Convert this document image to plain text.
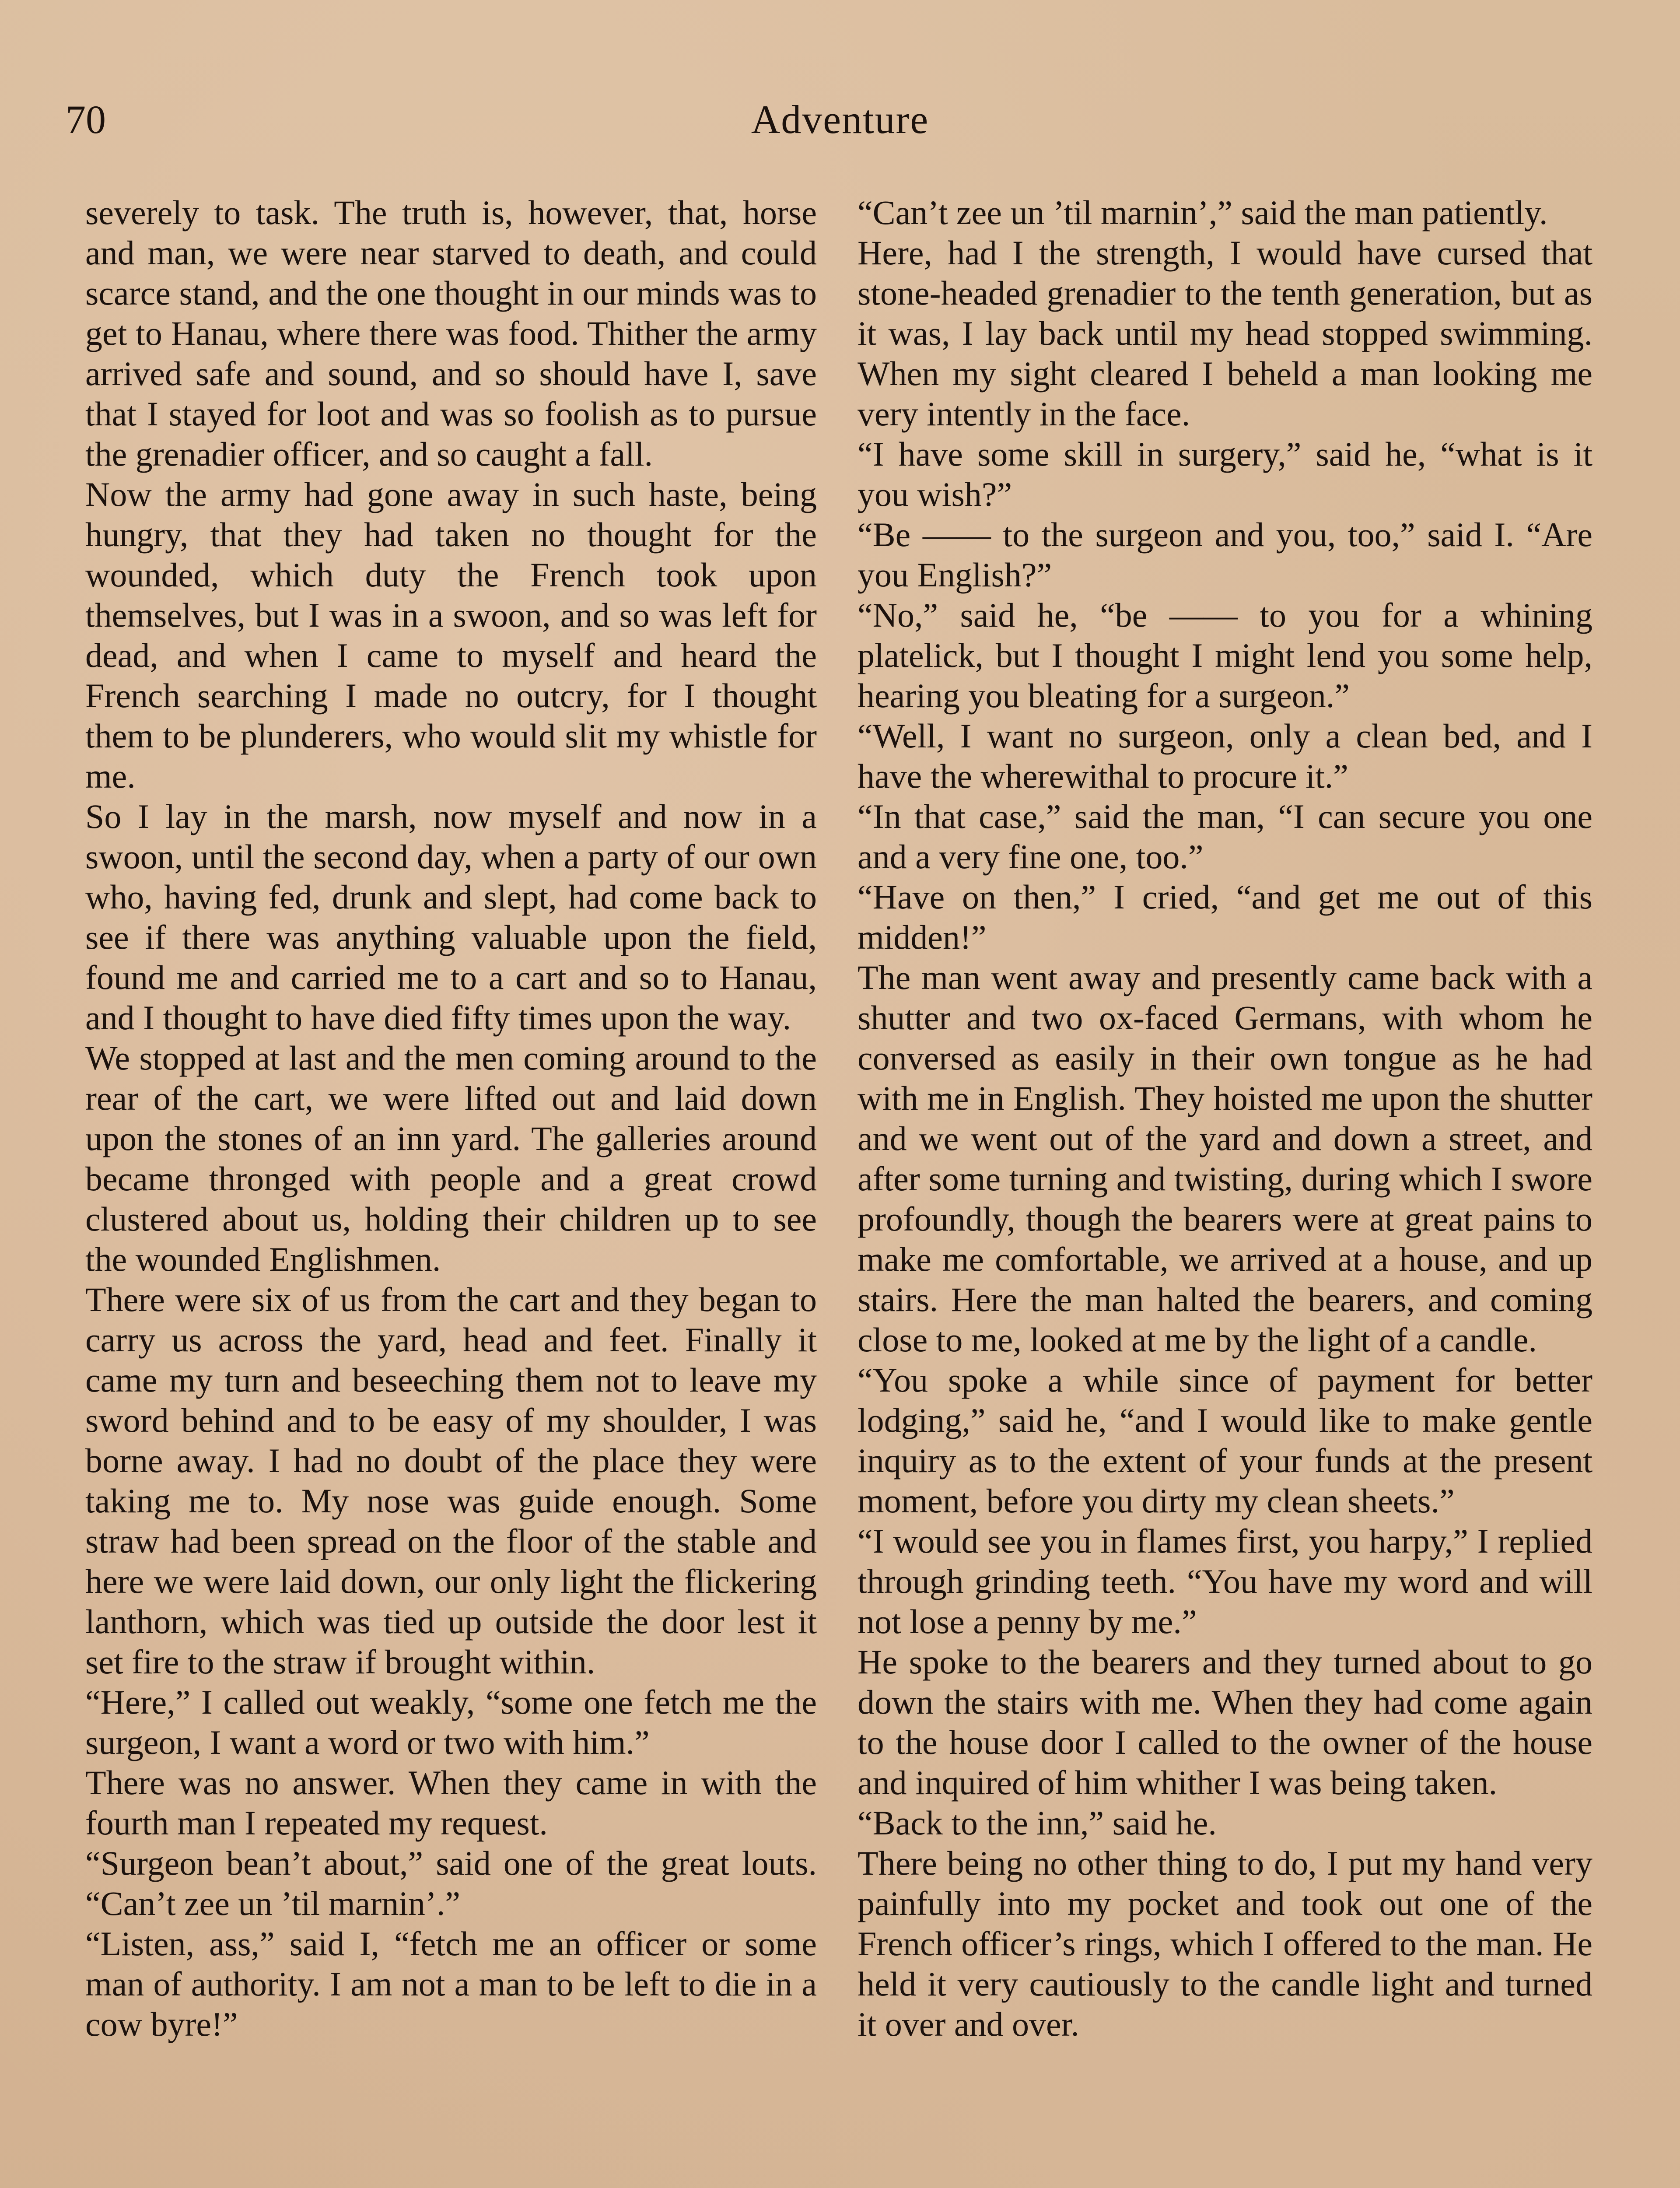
70	Adventure

severely to task. The truth is, however, that, horse and man, we were near starved to death, and could scarce stand, and the one thought in our minds was to get to Hanau, where there was food. Thither the army arrived safe and sound, and so should have I, save that I stayed for loot and was so foolish as to pursue the grenadier officer, and so caught a fall.

Now the army had gone away in such haste, being hungry, that they had taken no thought for the wounded, which duty the French took upon themselves, but I was in a swoon, and so was left for dead, and when I came to myself and heard the French searching I made no outcry, for I thought them to be plunderers, who would slit my whistle for me.

So I lay in the marsh, now myself and now in a swoon, until the second day, when a party of our own who, having fed, drunk and slept, had come back to see if there was anything valuable upon the field, found me and carried me to a cart and so to Hanau, and I thought to have died fifty times upon the way.

We stopped at last and the men coming around to the rear of the cart, we were lifted out and laid down upon the stones of an inn yard. The galleries around became thronged with people and a great crowd clustered about us, holding their children up to see the wounded Englishmen.

There were six of us from the cart and they began to carry us across the yard, head and feet. Finally it came my turn and beseeching them not to leave my sword behind and to be easy of my shoulder, I was borne away. I had no doubt of the place they were taking me to. My nose was guide enough. Some straw had been spread on the floor of the stable and here we were laid down, our only light the flickering lanthorn, which was tied up outside the door lest it set fire to the straw if brought within.

“Here,” I called out weakly, “some one fetch me the surgeon, I want a word or two with him.”

There was no answer. When they came in with the fourth man I repeated my request.

“Surgeon bean’t about,” said one of the great louts. “Can’t zee un ’til marnin’.”

“Listen, ass,” said I, “fetch me an officer or some man of authority. I am not a man to be left to die in a cow byre!”

“Can’t zee un ’til marnin’,” said the man patiently.

Here, had I the strength, I would have cursed that stone-headed grenadier to the tenth generation, but as it was, I lay back until my head stopped swimming. When my sight cleared I beheld a man looking me very intently in the face.

“I have some skill in surgery,” said he, “what is it you wish?”

“Be —— to the surgeon and you, too,” said I. “Are you English?”

“No,” said he, “be —— to you for a whining platelick, but I thought I might lend you some help, hearing you bleating for a surgeon.”

“Well, I want no surgeon, only a clean bed, and I have the wherewithal to procure it.”

“In that case,” said the man, “I can secure you one and a very fine one, too.”

“Have on then,” I cried, “and get me out of this midden!”

The man went away and presently came back with a shutter and two ox-faced Germans, with whom he conversed as easily in their own tongue as he had with me in English. They hoisted me upon the shutter and we went out of the yard and down a street, and after some turning and twisting, during which I swore profoundly, though the bearers were at great pains to make me comfortable, we arrived at a house, and up stairs. Here the man halted the bearers, and coming close to me, looked at me by the light of a candle.

“You spoke a while since of payment for better lodging,” said he, “and I would like to make gentle inquiry as to the extent of your funds at the present moment, before you dirty my clean sheets.”

“I would see you in flames first, you harpy,” I replied through grinding teeth. “You have my word and will not lose a penny by me.”

He spoke to the bearers and they turned about to go down the stairs with me. When they had come again to the house door I called to the owner of the house and inquired of him whither I was being taken.

“Back to the inn,” said he.

There being no other thing to do, I put my hand very painfully into my pocket and took out one of the French officer’s rings, which I offered to the man. He held it very cautiously to the candle light and turned it over and over.
